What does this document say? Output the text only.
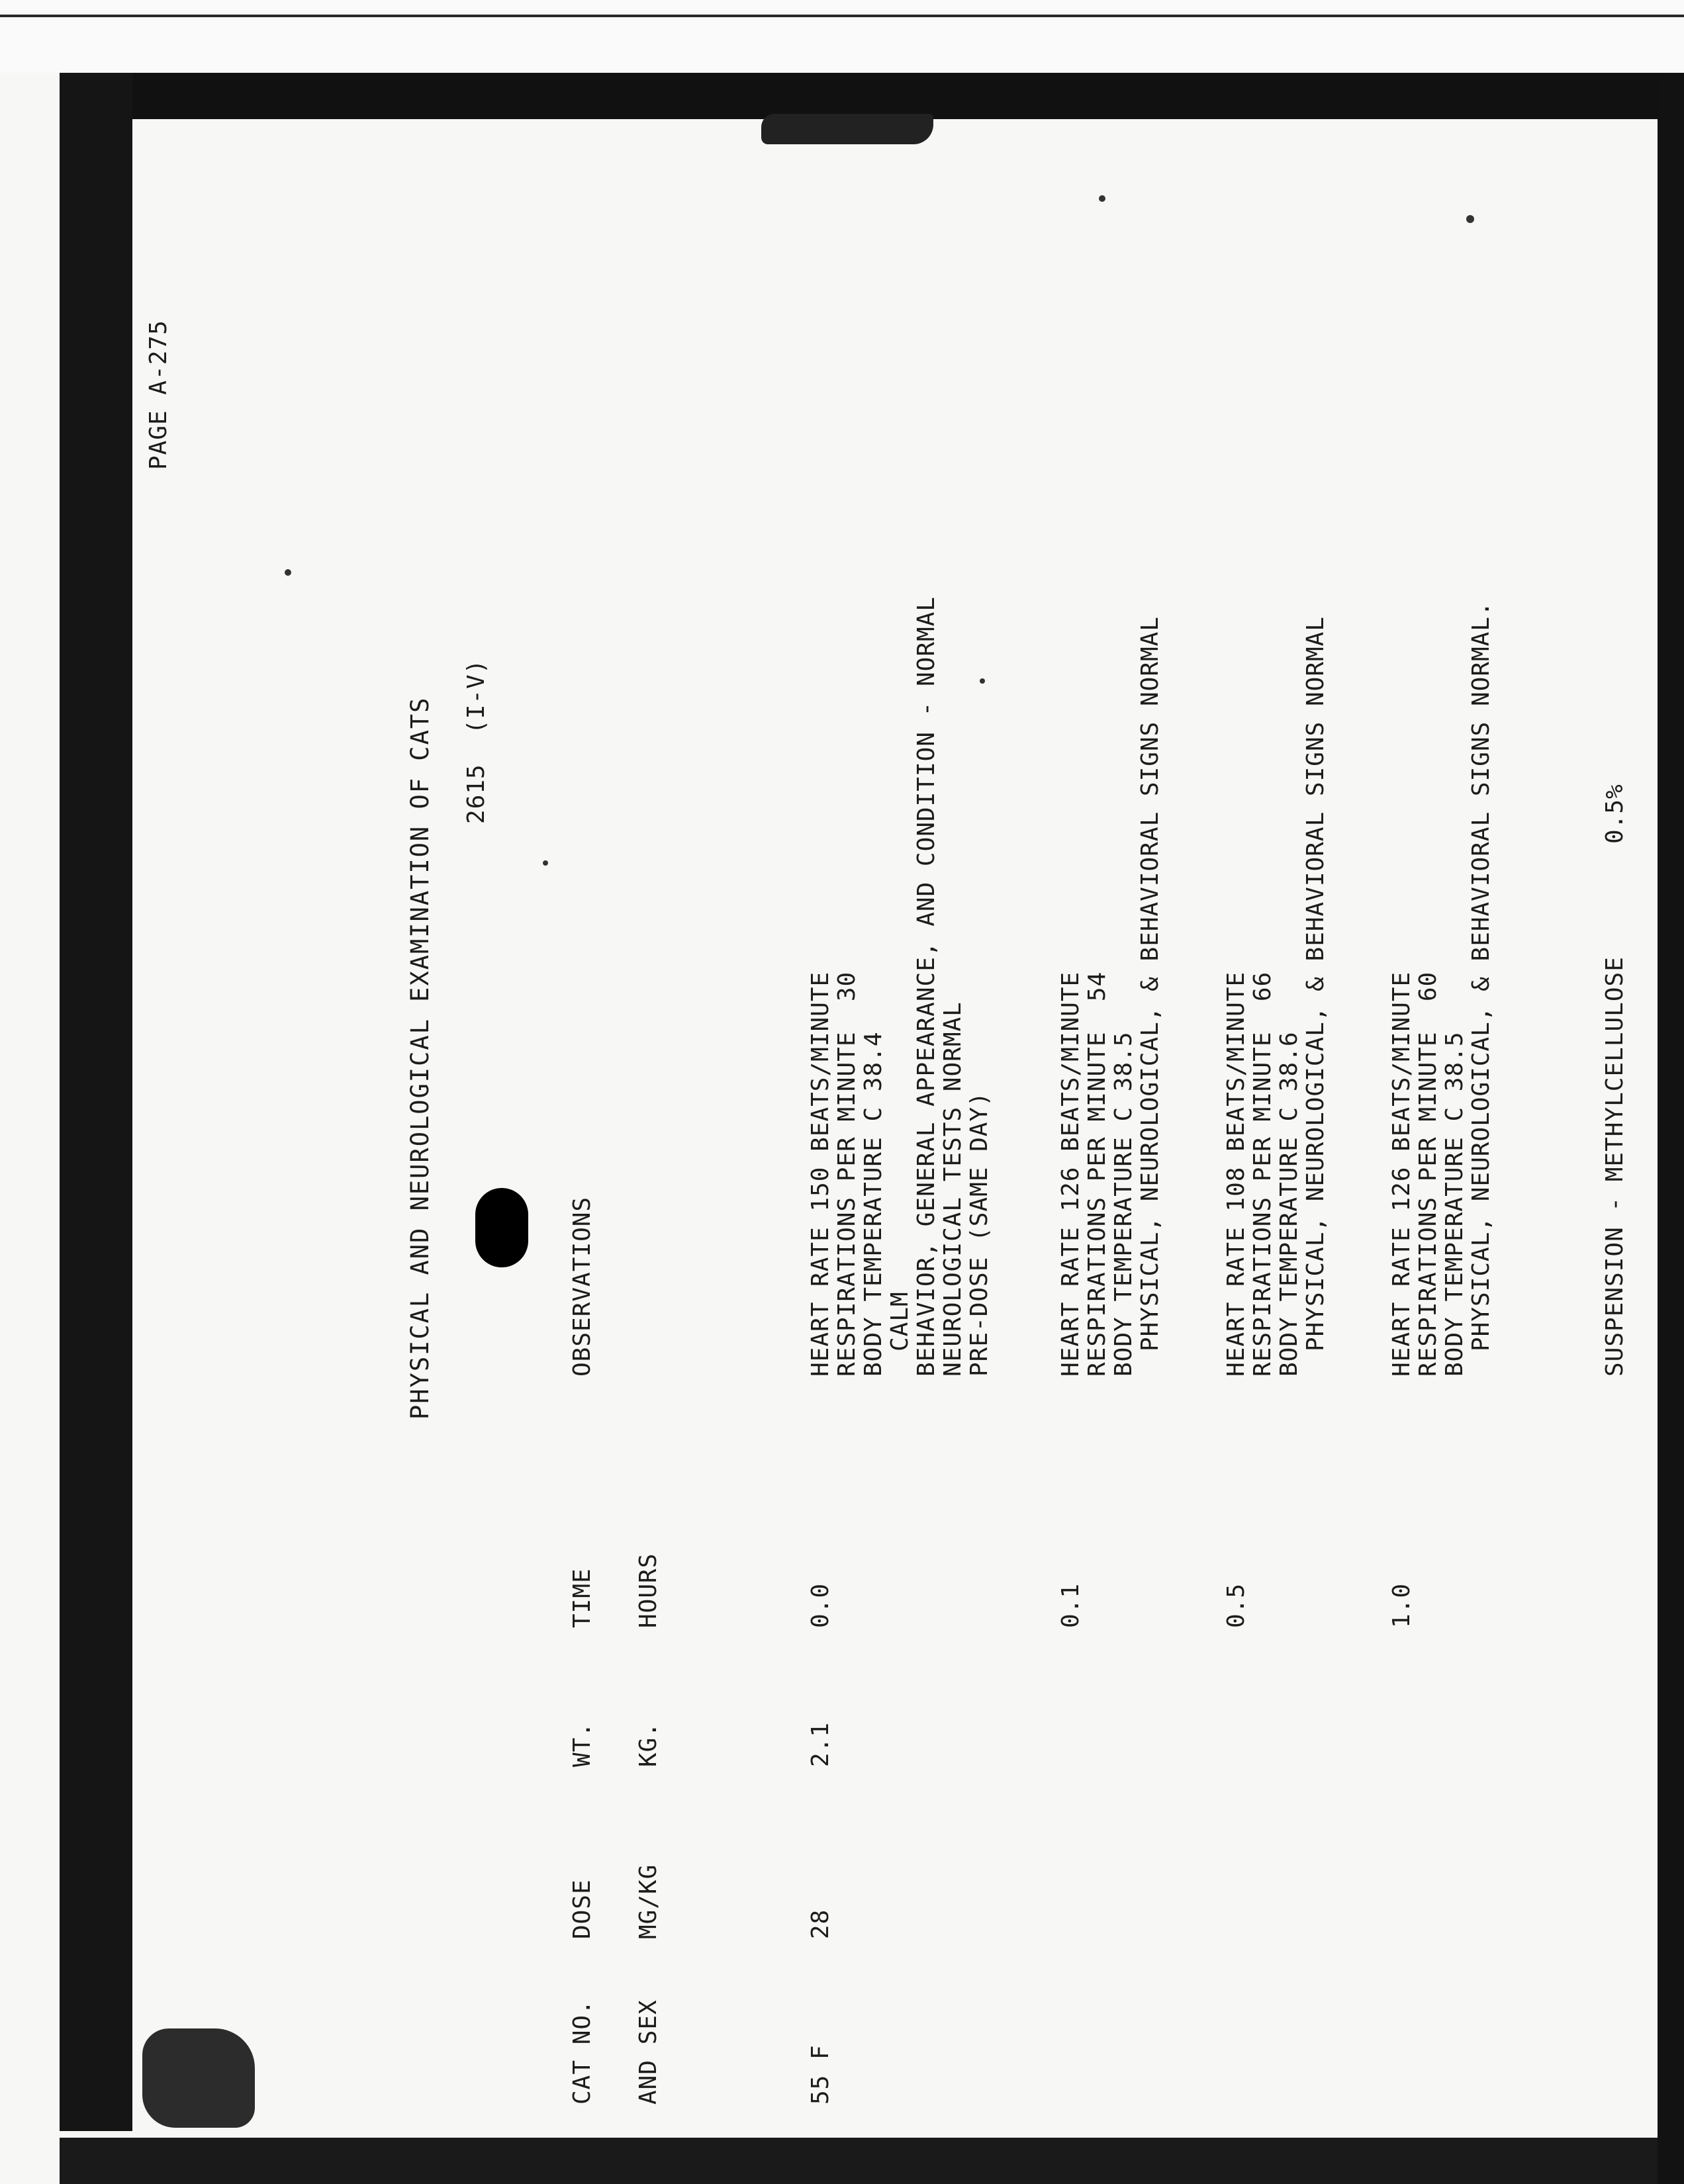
PAGE A-275
PHYSICAL AND NEUROLOGICAL EXAMINATION OF CATS 2615  (I-V)
CAT NO. AND SEX
DOSE MG/KG
WT. KG.
TIME HOURS
OBSERVATIONS
55 F
28
2.1
0.0
HEART RATE 150 BEATS/MINUTE RESPIRATIONS PER MINUTE  30 BODY TEMPERATURE C 38.4 CALM BEHAVIOR, GENERAL APPEARANCE, AND CONDITION - NORMAL NEUROLOGICAL TESTS NORMAL PRE-DOSE (SAME DAY)
0.1
HEART RATE 126 BEATS/MINUTE RESPIRATIONS PER MINUTE  54 BODY TEMPERATURE C 38.5 PHYSICAL, NEUROLOGICAL, & BEHAVIORAL SIGNS NORMAL
0.5
HEART RATE 108 BEATS/MINUTE RESPIRATIONS PER MINUTE  66 BODY TEMPERATURE C 38.6 PHYSICAL, NEUROLOGICAL, & BEHAVIORAL SIGNS NORMAL
1.0
HEART RATE 126 BEATS/MINUTE RESPIRATIONS PER MINUTE  60 BODY TEMPERATURE C 38.5 PHYSICAL, NEUROLOGICAL, & BEHAVIORAL SIGNS NORMAL.	SUSPENSION - METHYLCELLULOSE
0.5%
